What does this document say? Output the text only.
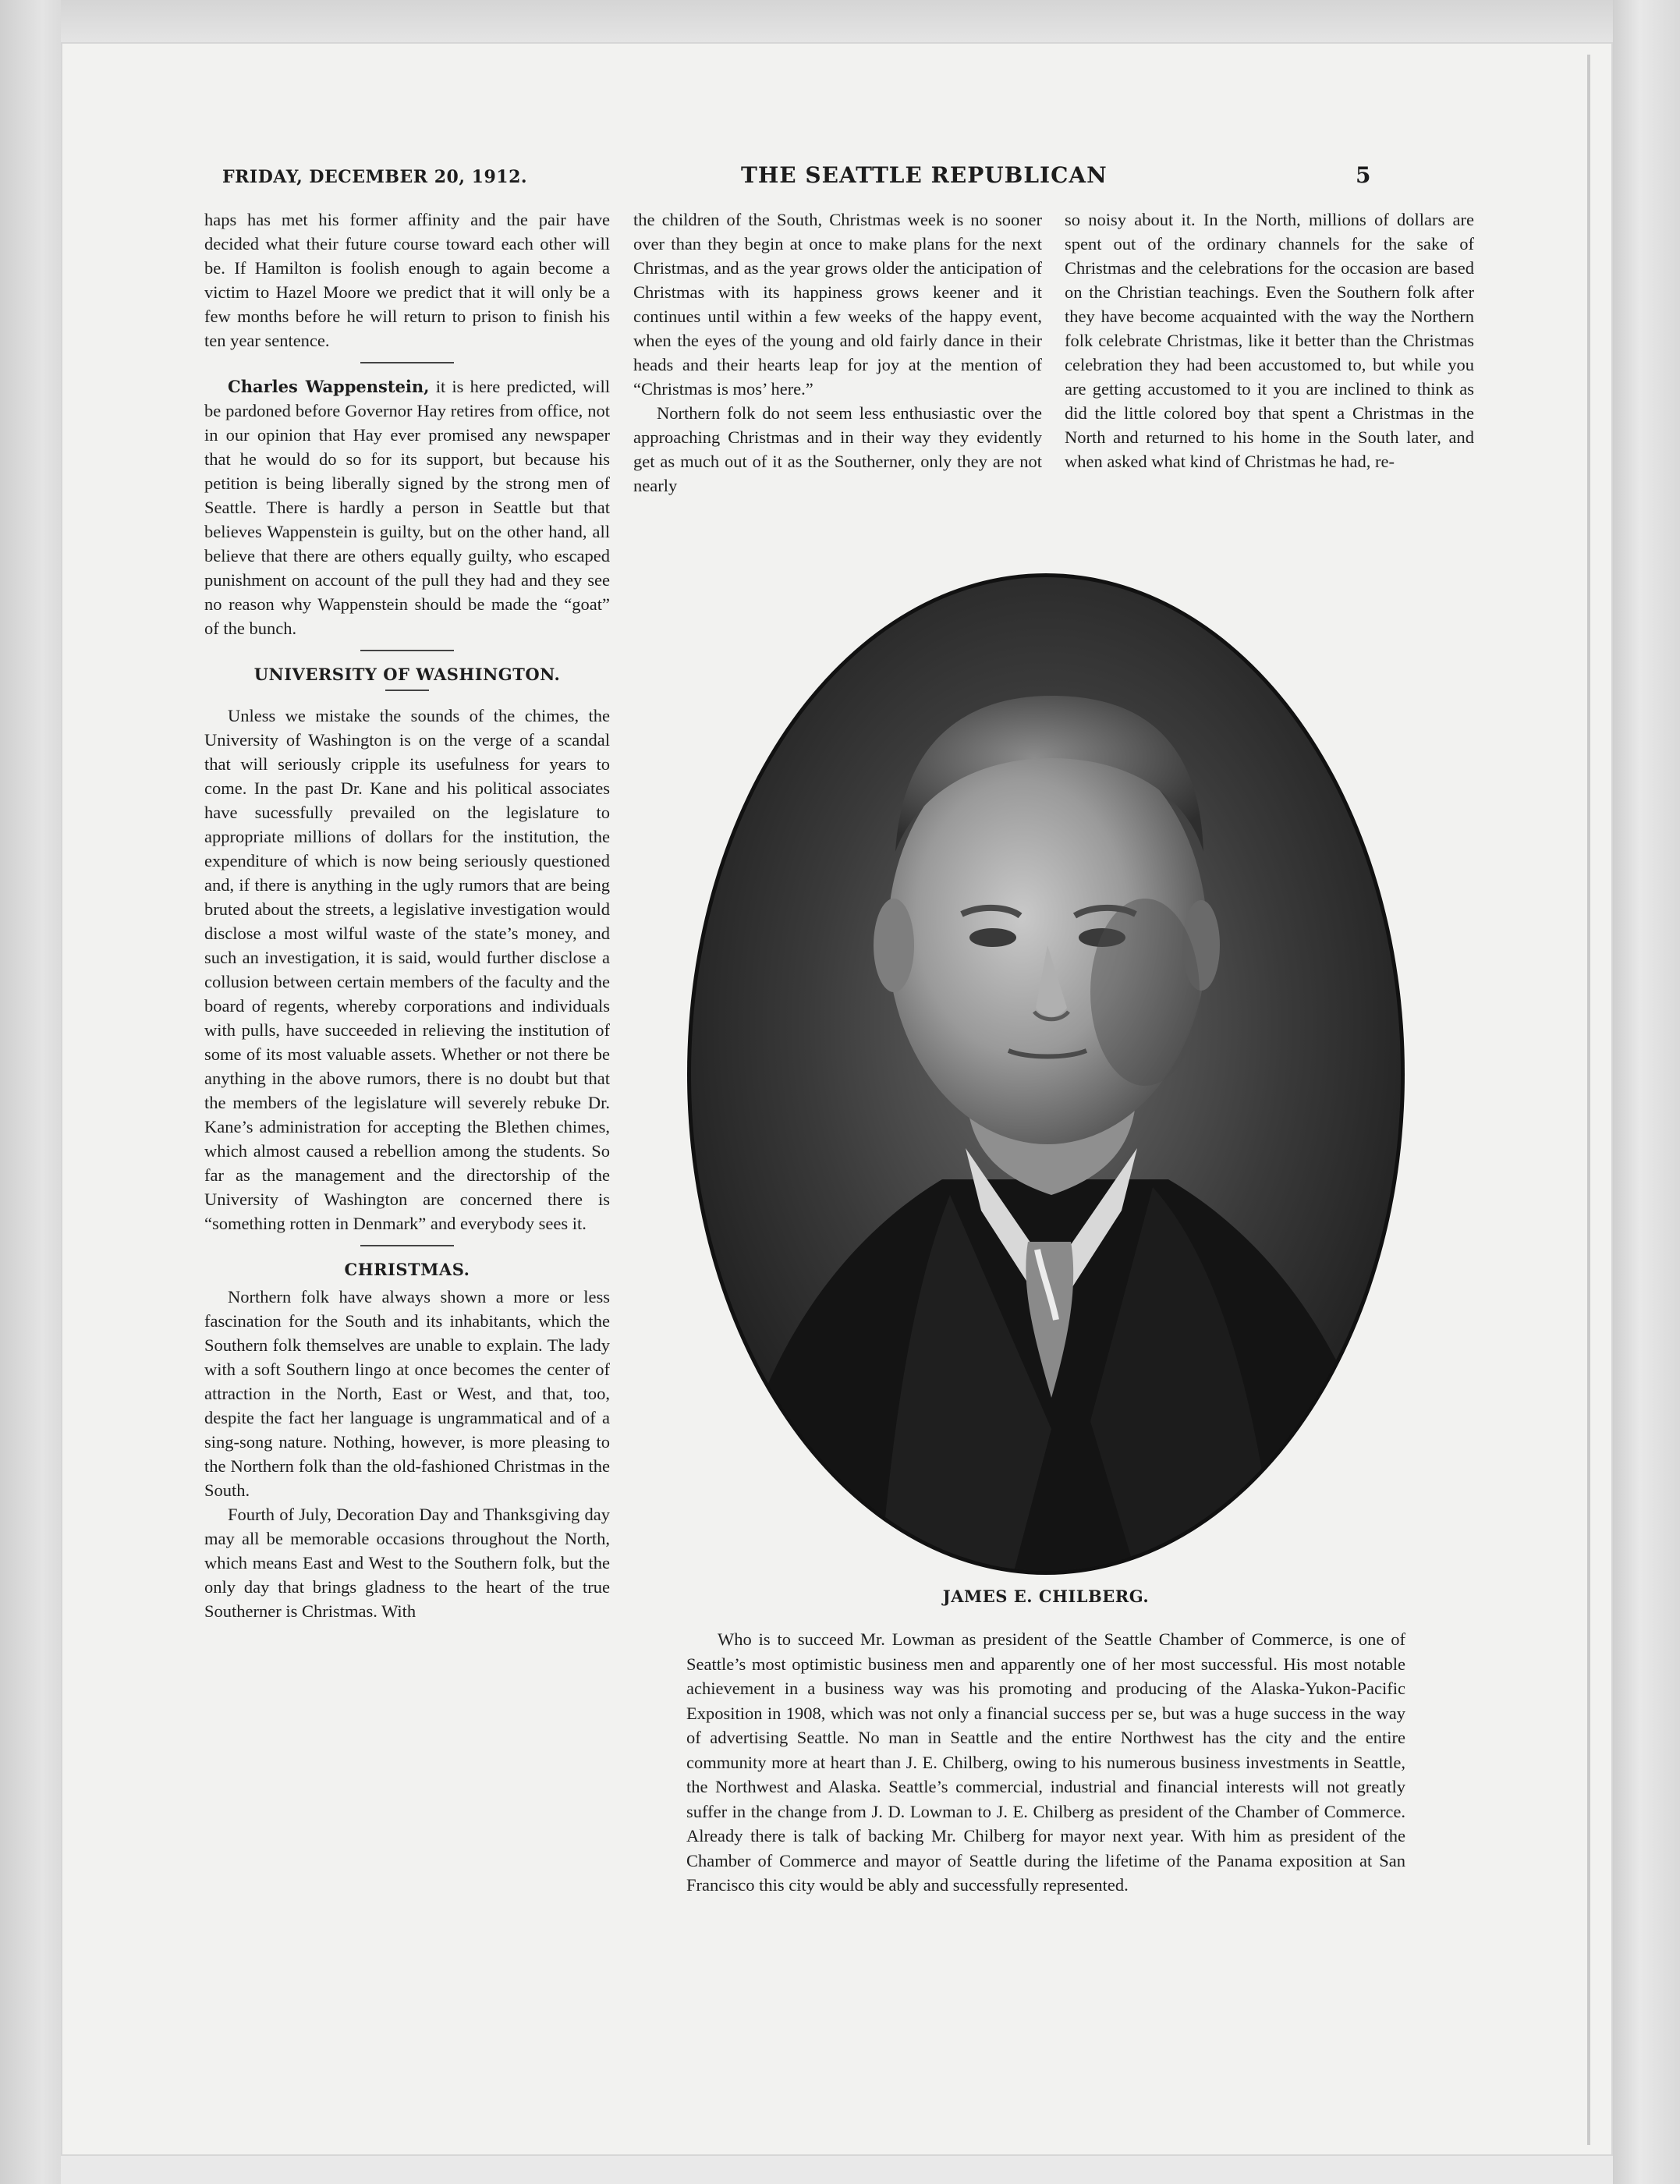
FRIDAY, DECEMBER 20, 1912.	THE SEATTLE REPUBLICAN	5

haps has met his former affinity and the pair have decided what their future course toward each other will be. If Hamilton is foolish enough to again become a victim to Hazel Moore we predict that it will only be a few months before he will return to prison to finish his ten year sentence.

Charles Wappenstein, it is here predicted, will be pardoned before Governor Hay retires from office, not in our opinion that Hay ever promised any newspaper that he would do so for its support, but because his petition is being liberally signed by the strong men of Seattle. There is hardly a person in Seattle but that believes Wappenstein is guilty, but on the other hand, all believe that there are others equally guilty, who escaped punishment on account of the pull they had and they see no reason why Wappenstein should be made the “goat” of the bunch.

UNIVERSITY OF WASHINGTON.

Unless we mistake the sounds of the chimes, the University of Washington is on the verge of a scandal that will seriously cripple its usefulness for years to come. In the past Dr. Kane and his political associates have sucessfully prevailed on the legislature to appropriate millions of dollars for the institution, the expenditure of which is now being seriously questioned and, if there is anything in the ugly rumors that are being bruted about the streets, a legislative investigation would disclose a most wilful waste of the state’s money, and such an investigation, it is said, would further disclose a collusion between certain members of the faculty and the board of regents, whereby corporations and individuals with pulls, have succeeded in relieving the institution of some of its most valuable assets. Whether or not there be anything in the above rumors, there is no doubt but that the members of the legislature will severely rebuke Dr. Kane’s administration for accepting the Blethen chimes, which almost caused a rebellion among the students. So far as the management and the directorship of the University of Washington are concerned there is “something rotten in Denmark” and everybody sees it.

CHRISTMAS.

Northern folk have always shown a more or less fascination for the South and its inhabitants, which the Southern folk themselves are unable to explain. The lady with a soft Southern lingo at once becomes the center of attraction in the North, East or West, and that, too, despite the fact her language is ungrammatical and of a sing-song nature. Nothing, however, is more pleasing to the Northern folk than the old-fashioned Christmas in the South.

Fourth of July, Decoration Day and Thanksgiving day may all be memorable occasions throughout the North, which means East and West to the Southern folk, but the only day that brings gladness to the heart of the true Southerner is Christmas. With

the children of the South, Christmas week is no sooner over than they begin at once to make plans for the next Christmas, and as the year grows older the anticipation of Christmas with its happiness grows keener and it continues until within a few weeks of the happy event, when the eyes of the young and old fairly dance in their heads and their hearts leap for joy at the mention of “Christmas is mos’ here.”

Northern folk do not seem less enthusiastic over the approaching Christmas and in their way they evidently get as much out of it as the Southerner, only they are not nearly

so noisy about it. In the North, millions of dollars are spent out of the ordinary channels for the sake of Christmas and the celebrations for the occasion are based on the Christian teachings. Even the Southern folk after they have become acquainted with the way the Northern folk celebrate Christmas, like it better than the Christmas celebration they had been accustomed to, but while you are getting accustomed to it you are inclined to think as did the little colored boy that spent a Christmas in the North and returned to his home in the South later, and when asked what kind of Christmas he had, re-

JAMES E. CHILBERG.

Who is to succeed Mr. Lowman as president of the Seattle Chamber of Commerce, is one of Seattle’s most optimistic business men and apparently one of her most successful. His most notable achievement in a business way was his promoting and producing of the Alaska-Yukon-Pacific Exposition in 1908, which was not only a financial success per se, but was a huge success in the way of advertising Seattle. No man in Seattle and the entire Northwest has the city and the entire community more at heart than J. E. Chilberg, owing to his numerous business investments in Seattle, the Northwest and Alaska. Seattle’s commercial, industrial and financial interests will not greatly suffer in the change from J. D. Lowman to J. E. Chilberg as president of the Chamber of Commerce. Already there is talk of backing Mr. Chilberg for mayor next year. With him as president of the Chamber of Commerce and mayor of Seattle during the lifetime of the Panama exposition at San Francisco this city would be ably and successfully represented.
